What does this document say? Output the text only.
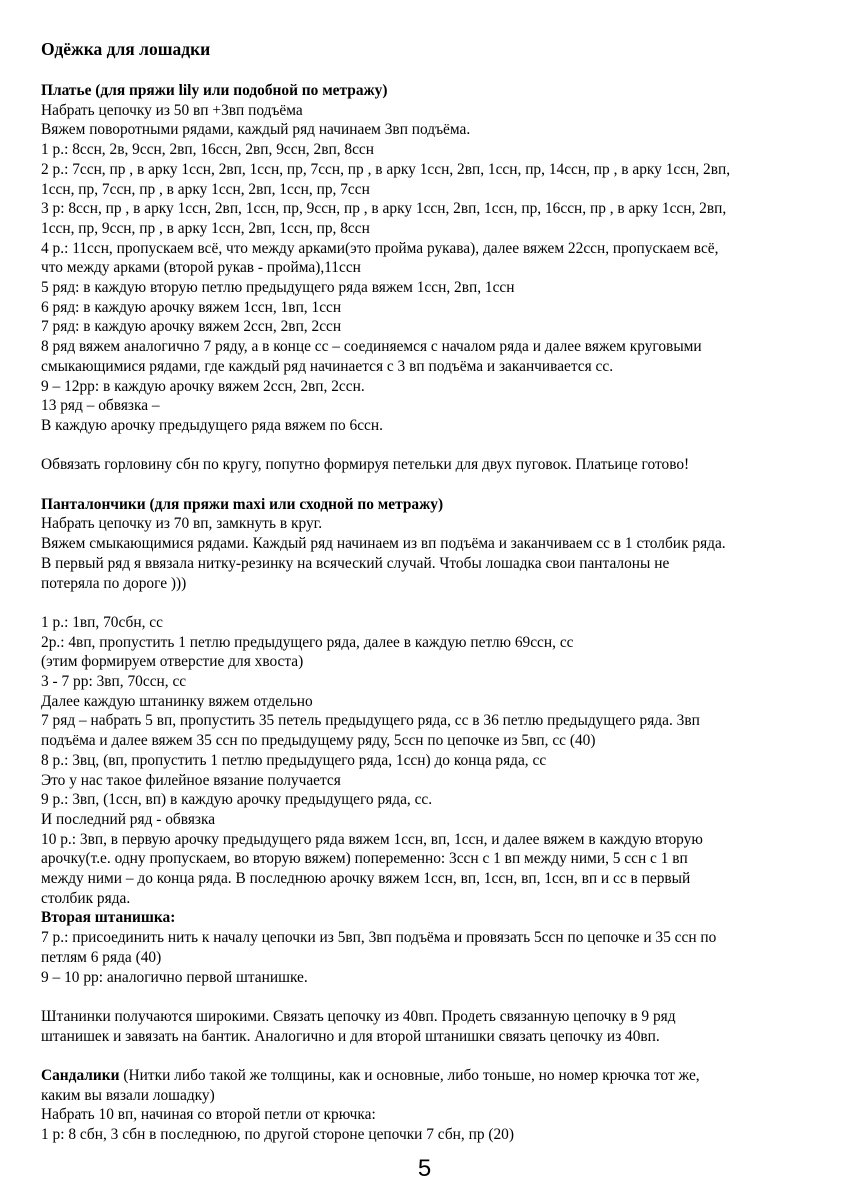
Одёжка для лошадки
Платье (для пряжи lily или подобной по метражу)
Набрать цепочку из 50 вп +3вп подъёма
Вяжем поворотными рядами, каждый ряд начинаем 3вп подъёма.
1 р.: 8ссн, 2в, 9ссн, 2вп, 16ссн, 2вп, 9ссн, 2вп, 8ссн
2 р.: 7ссн, пр , в арку 1ссн, 2вп, 1ссн, пр, 7ссн, пр , в арку 1ссн, 2вп, 1ссн, пр, 14ссн, пр , в арку 1ссн, 2вп,
1ссн, пр, 7ссн, пр , в арку 1ссн, 2вп, 1ссн, пр, 7ссн
3 р: 8ссн, пр , в арку 1ссн, 2вп, 1ссн, пр, 9ссн, пр , в арку 1ссн, 2вп, 1ссн, пр, 16ссн, пр , в арку 1ссн, 2вп,
1ссн, пр, 9ссн, пр , в арку 1ссн, 2вп, 1ссн, пр, 8ссн
4 р.: 11ссн, пропускаем всё, что между арками(это пройма рукава), далее вяжем 22ссн, пропускаем всё,
что между арками (второй рукав - пройма),11ссн
5 ряд: в каждую вторую петлю предыдущего ряда вяжем 1ссн, 2вп, 1ссн
6 ряд: в каждую арочку вяжем 1ссн, 1вп, 1ссн
7 ряд: в каждую арочку вяжем 2ссн, 2вп, 2ссн
8 ряд вяжем аналогично 7 ряду, а в конце сс – соединяемся с началом ряда и далее вяжем круговыми
смыкающимися рядами, где каждый ряд начинается с 3 вп подъёма и заканчивается сс.
9 – 12рр: в каждую арочку вяжем 2ссн, 2вп, 2ссн.
13 ряд – обвязка –
В каждую арочку предыдущего ряда вяжем по 6ссн.
Обвязать горловину сбн по кругу, попутно формируя петельки для двух пуговок. Платьице готово!
Панталончики (для пряжи maxi или сходной по метражу)
Набрать цепочку из 70 вп, замкнуть в круг.
Вяжем смыкающимися рядами. Каждый ряд начинаем из вп подъёма и заканчиваем сс в 1 столбик ряда.
В первый ряд я ввязала нитку-резинку на всяческий случай. Чтобы лошадка свои панталоны не
потеряла по дороге )))
1 р.: 1вп, 70сбн, сс
2р.: 4вп, пропустить 1 петлю предыдущего ряда, далее в каждую петлю 69ссн, сс
(этим формируем отверстие для хвоста)
3 - 7 рр: 3вп, 70ссн, сс
Далее каждую штанинку вяжем отдельно
7 ряд – набрать 5 вп, пропустить 35 петель предыдущего ряда, сс в 36 петлю предыдущего ряда. 3вп
подъёма и далее вяжем 35 ссн по предыдущему ряду, 5ссн по цепочке из 5вп, сс (40)
8 р.: 3вц, (вп, пропустить 1 петлю предыдущего ряда, 1ссн) до конца ряда, сс
Это у нас такое филейное вязание получается
9 р.: 3вп, (1ссн, вп) в каждую арочку предыдущего ряда, сс.
И последний ряд - обвязка
10 р.: 3вп, в первую арочку предыдущего ряда вяжем 1ссн, вп, 1ссн, и далее вяжем в каждую вторую
арочку(т.е. одну пропускаем, во вторую вяжем) попеременно: 3ссн с 1 вп между ними, 5 ссн с 1 вп
между ними – до конца ряда. В последнюю арочку вяжем 1ссн, вп, 1ссн, вп, 1ссн, вп и сс в первый
столбик ряда.
Вторая штанишка:
7 р.: присоединить нить к началу цепочки из 5вп, 3вп подъёма и провязать 5ссн по цепочке и 35 ссн по
петлям 6 ряда (40)
9 – 10 рр: аналогично первой штанишке.
Штанинки получаются широкими. Связать цепочку из 40вп. Продеть связанную цепочку в 9 ряд
штанишек и завязать на бантик. Аналогично и для второй штанишки связать цепочку из 40вп.
Сандалики (Нитки либо такой же толщины, как и основные, либо тоньше, но номер крючка тот же,
каким вы вязали лошадку)
Набрать 10 вп, начиная со второй петли от крючка:
1 р: 8 сбн, 3 сбн в последнюю, по другой стороне цепочки 7 сбн, пр (20)
5
